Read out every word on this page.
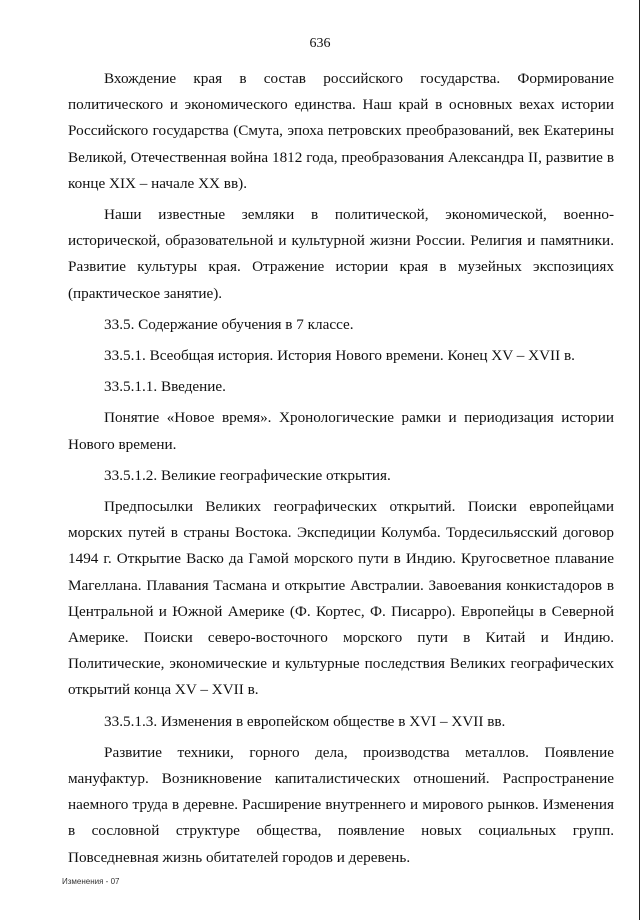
636

Вхождение края в состав российского государства. Формирование политического и экономического единства. Наш край в основных вехах истории Российского государства (Смута, эпоха петровских преобразований, век Екатерины Великой, Отечественная война 1812 года, преобразования Александра II, развитие в конце XIX – начале XX вв).

Наши известные земляки в политической, экономической, военно-исторической, образовательной и культурной жизни России. Религия и памятники. Развитие культуры края. Отражение истории края в музейных экспозициях (практическое занятие).

33.5. Содержание обучения в 7 классе.

33.5.1. Всеобщая история. История Нового времени. Конец XV – XVII в.

33.5.1.1. Введение.

Понятие «Новое время». Хронологические рамки и периодизация истории Нового времени.

33.5.1.2. Великие географические открытия.

Предпосылки Великих географических открытий. Поиски европейцами морских путей в страны Востока. Экспедиции Колумба. Тордесильясский договор 1494 г. Открытие Васко да Гамой морского пути в Индию. Кругосветное плавание Магеллана. Плавания Тасмана и открытие Австралии. Завоевания конкистадоров в Центральной и Южной Америке (Ф. Кортес, Ф. Писарро). Европейцы в Северной Америке. Поиски северо-восточного морского пути в Китай и Индию. Политические, экономические и культурные последствия Великих географических открытий конца XV – XVII в.

33.5.1.3. Изменения в европейском обществе в XVI – XVII вв.

Развитие техники, горного дела, производства металлов. Появление мануфактур. Возникновение капиталистических отношений. Распространение наемного труда в деревне. Расширение внутреннего и мирового рынков. Изменения в сословной структуре общества, появление новых социальных групп. Повседневная жизнь обитателей городов и деревень.

Изменения - 07
